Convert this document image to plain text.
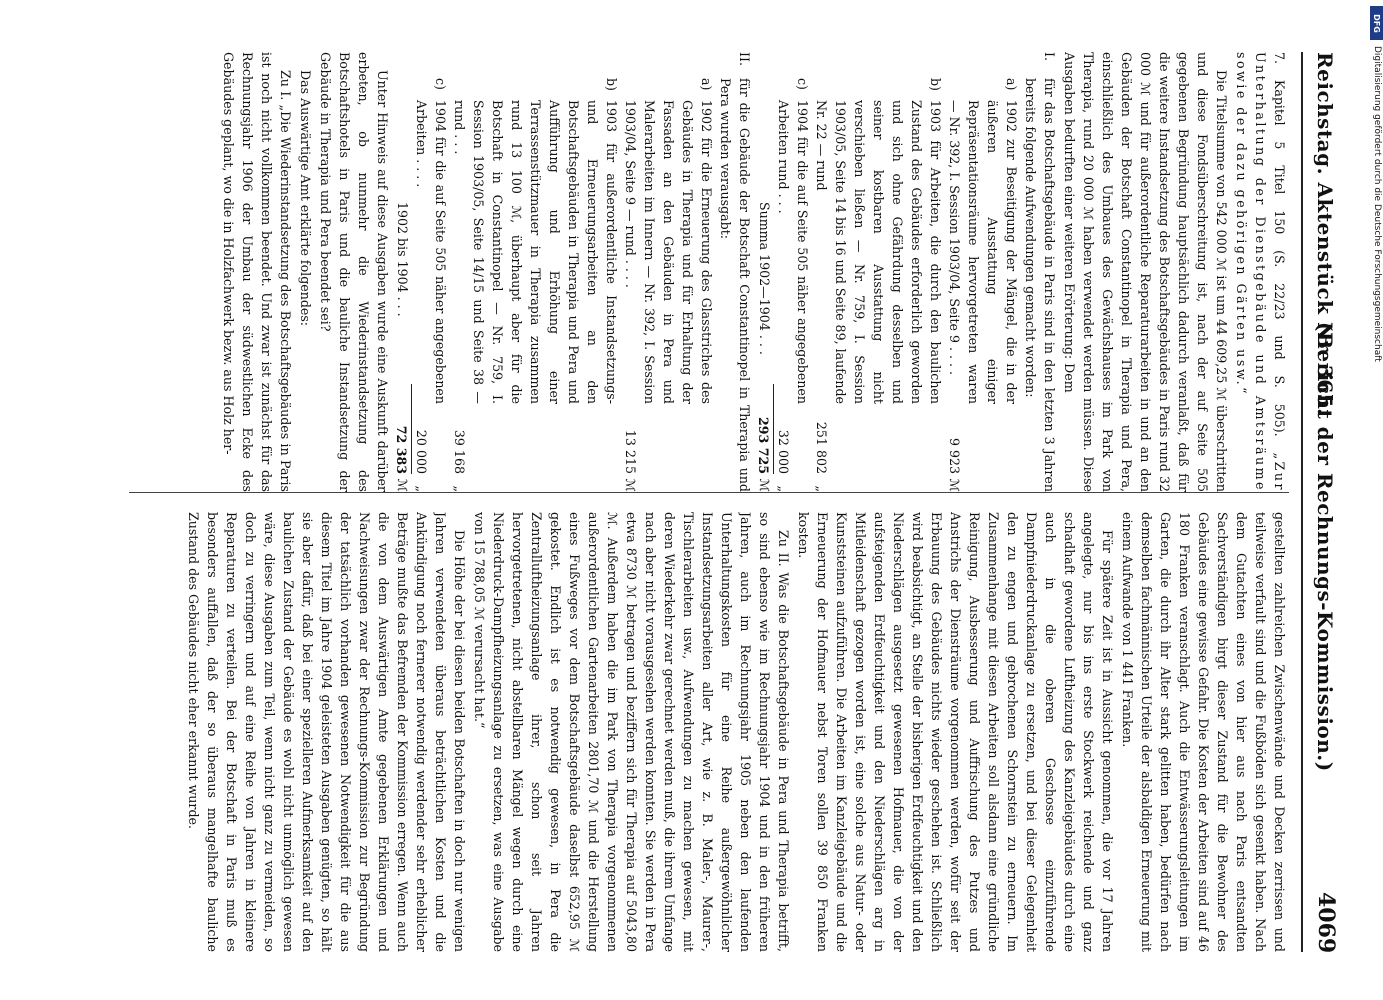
Reichstag. Aktenstück Nr. 365.
(Bericht der Rechnungs-Kommission.)
4069

7. Kapitel 5 Titel 150 (S. 22/23 und S. 505). „Zur Unterhaltung der Dienstgebäude und Amtsräume sowie der dazu gehörigen Gärten usw.“

Die Titelsumme von 542 000 ℳ ist um 44 609,25 ℳ überschritten und diese Fondsüberschreitung ist, nach der auf Seite 505 gegebenen Begründung hauptsächlich dadurch veranlaßt, daß für die weitere Instandsetzung des Botschaftsgebäudes in Paris rund 32 000 ℳ und für außerordentliche Reparaturarbeiten in und an den Gebäuden der Botschaft Constantinopel in Therapia und Pera, einschließlich des Umbaues des Gewächshauses im Park von Therapia, rund 20 000 ℳ haben verwendet werden müssen. Diese Ausgaben bedurften einer weiteren Erörterung: Dem

I.
für das Botschaftsgebäude in Paris sind in den letzten 3 Jahren bereits folgende Aufwendungen gemacht worden:
a)
1902 zur Beseitigung der Mängel, die in der äußeren Ausstattung einiger Repräsentationsräume hervorgetreten waren — Nr. 392, I. Session 1903/04, Seite 9 . . . .
9 923
ℳ
b)
1903 für Arbeiten, die durch den baulichen Zustand des Gebäudes erforderlich geworden und sich ohne Gefährdung desselben und seiner kostbaren Ausstattung nicht verschieben ließen — Nr. 759, I. Session 1903/05, Seite 14 bis 16 und Seite 89, laufende Nr. 22 — rund
251 802
„
c)
1904 für die auf Seite 505 näher angegebenen Arbeiten rund . . .
32 000
„
Summa 1902—1904 . . .
293 725
ℳ
II.
für die Gebäude der Botschaft Constantinopel in Therapia und Pera wurden verausgabt:
a)
1902 für die Erneuerung des Glasstriches des Gebäudes in Therapia und für Erhaltung der Fassaden an den Gebäuden in Pera und Malerarbeiten im Innern — Nr. 392, I. Session 1903/04, Seite 9 — rund . . . .
13 215
ℳ
b)
1903 für außerordentliche Instandsetzungs- und Erneuerungsarbeiten an den Botschaftsgebäuden in Therapia und Pera und Aufführung und Erhöhung einer Terrassenstützmauer in Therapia zusammen rund 13 100 ℳ, überhaupt aber für die Botschaft in Constantinopel — Nr. 759, I. Session 1903/05, Seite 14/15 und Seite 38 — rund . . .
39 168
„
c)
1904 für die auf Seite 505 näher angegebenen Arbeiten . . . .
20 000
„
1902 bis 1904 . . .
72 383
ℳ

Unter Hinweis auf diese Ausgaben wurde eine Auskunft darüber erbeten, ob nunmehr die Wiederinstandsetzung des Botschaftshotels in Paris und die bauliche Instandsetzung der Gebäude in Therapia und Pera beendet sei?

Das Auswärtige Amt erklärte folgendes:

Zu I. „Die Wiederinstandsetzung des Botschaftsgebäudes in Paris ist noch nicht vollkommen beendet. Und zwar ist zunächst für das Rechnungsjahr 1906 der Umbau der südwestlichen Ecke des Gebäudes geplant, wo die in Holzfachwerk bezw. aus Holz her-

gestellten zahlreichen Zwischenwände und Decken zerrissen und teilweise verfault sind und die Fußböden sich gesenkt haben. Nach dem Gutachten eines von hier aus nach Paris entsandten Sachverständigen birgt dieser Zustand für die Bewohner des Gebäudes eine gewisse Gefahr. Die Kosten der Arbeiten sind auf 46 180 Franken veranschlagt. Auch die Entwässerungsleitungen im Garten, die durch ihr Alter stark gelitten haben, bedürfen nach demselben fachmännischen Urteile der alsbaldigen Erneuerung mit einem Aufwande von 1 441 Franken.

Für spätere Zeit ist in Aussicht genommen, die vor 17 Jahren angelegte, nur bis ins erste Stockwerk reichende und ganz schadhaft gewordene Luftheizung des Kanzleigebäudes durch eine auch in die oberen Geschosse einzuführende Dampfniederdruckanlage zu ersetzen, und bei dieser Gelegenheit den zu engen und gebrochenen Schornstein zu erneuern. Im Zusammenhange mit diesen Arbeiten soll alsdann eine gründliche Reinigung, Ausbesserung und Auffrischung des Putzes und Anstrichs der Diensträume vorgenommen werden, wofür seit der Erbauung des Gebäudes nichts wieder geschehen ist. Schließlich wird beabsichtigt, an Stelle der bisherigen Erdfeuchtigkeit und den Niederschlägen ausgesetzt gewesenen Hofmauer, die von der aufsteigenden Erdfeuchtigkeit und den Niederschlägen arg in Mitleidenschaft gezogen worden ist, eine solche aus Natur- oder Kunststeinen aufzuführen. Die Arbeiten im Kanzleigebäude und die Erneuerung der Hofmauer nebst Toren sollen 39 850 Franken kosten.

Zu II. Was die Botschaftsgebäude in Pera und Therapia betrifft, so sind ebenso wie im Rechnungsjahr 1904 und in den früheren Jahren, auch im Rechnungsjahr 1905 neben den laufenden Unterhaltungskosten für eine Reihe außergewöhnlicher Instandsetzungsarbeiten aller Art, wie z. B. Maler-, Maurer-, Tischlerarbeiten usw., Aufwendungen zu machen gewesen, mit deren Wiederkehr zwar gerechnet werden muß, die ihrem Umfange nach aber nicht vorausgesehen werden konnten. Sie werden in Pera etwa 8730 ℳ betragen und beziffern sich für Therapia auf 5043,80 ℳ. Außerdem haben die im Park von Therapia vorgenommenen außerordentlichen Gartenarbeiten 2801,70 ℳ und die Herstellung eines Fußweges vor dem Botschaftsgebäude daselbst 652,95 ℳ gekostet. Endlich ist es notwendig gewesen, in Pera die Zentralluftheizungsanlage ihrer, schon seit Jahren hervorgetretenen, nicht abstellbaren Mängel wegen durch eine Niederdruck-Dampfheizungsanlage zu ersetzen, was eine Ausgabe von 15 788,05 ℳ verursacht hat.“

Die Höhe der bei diesen beiden Botschaften in doch nur wenigen Jahren verwendeten überaus beträchtlichen Kosten und die Ankündigung noch fernerer notwendig werdender sehr erheblicher Beträge mußte das Befremden der Kommission erregen. Wenn auch die von dem Auswärtigen Amte gegebenen Erklärungen und Nachweisungen zwar der Rechnungs-Kommission zur Begründung der tatsächlich vorhanden gewesenen Notwendigkeit für die aus diesem Titel im Jahre 1904 geleisteten Ausgaben genügten, so hält sie aber dafür, daß bei einer spezielleren Aufmerksamkeit auf den baulichen Zustand der Gebäude es wohl nicht unmöglich gewesen wäre, diese Ausgaben zum Teil, wenn nicht ganz zu vermeiden, so doch zu verringern und auf eine Reihe von Jahren in kleinere Reparaturen zu verteilen. Bei der Botschaft in Paris muß es besonders auffallen, daß der so überaus mangelhafte bauliche Zustand des Gebäudes nicht eher erkannt wurde.

DFG
Digitalisierung gefördert durch die Deutsche Forschungsgemeinschaft
